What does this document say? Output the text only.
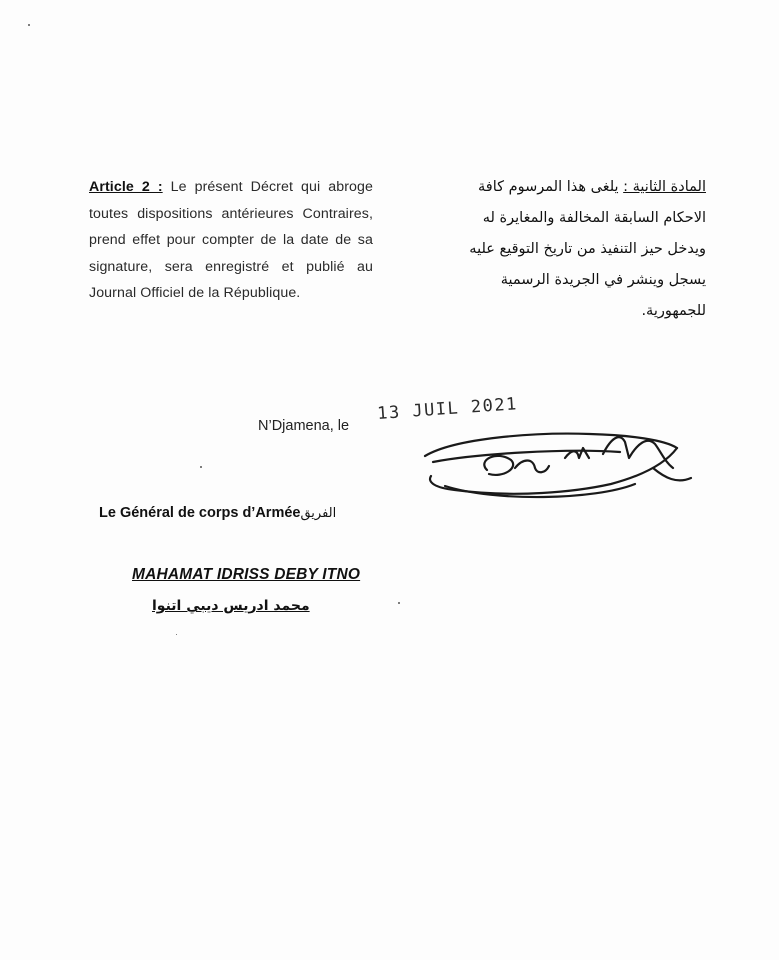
Article 2 : Le présent Décret qui abroge toutes dispositions antérieures Contraires, prend effet pour compter de la date de sa signature, sera enregistré et publié au Journal Officiel de la République.
المادة الثانية : يلغى هذا المرسوم كافة
الاحكام السابقة المخالفة والمغايرة له
ويدخل حيز التنفيذ من تاريخ التوقيع عليه
يسجل وينشر في الجريدة الرسمية
للجمهورية.
N’Djamena, le
13 JUIL 2021
Le Général de corps d’Arméeالفريق
MAHAMAT IDRISS DEBY ITNO
محمد ادريس ديبي اتنوا
